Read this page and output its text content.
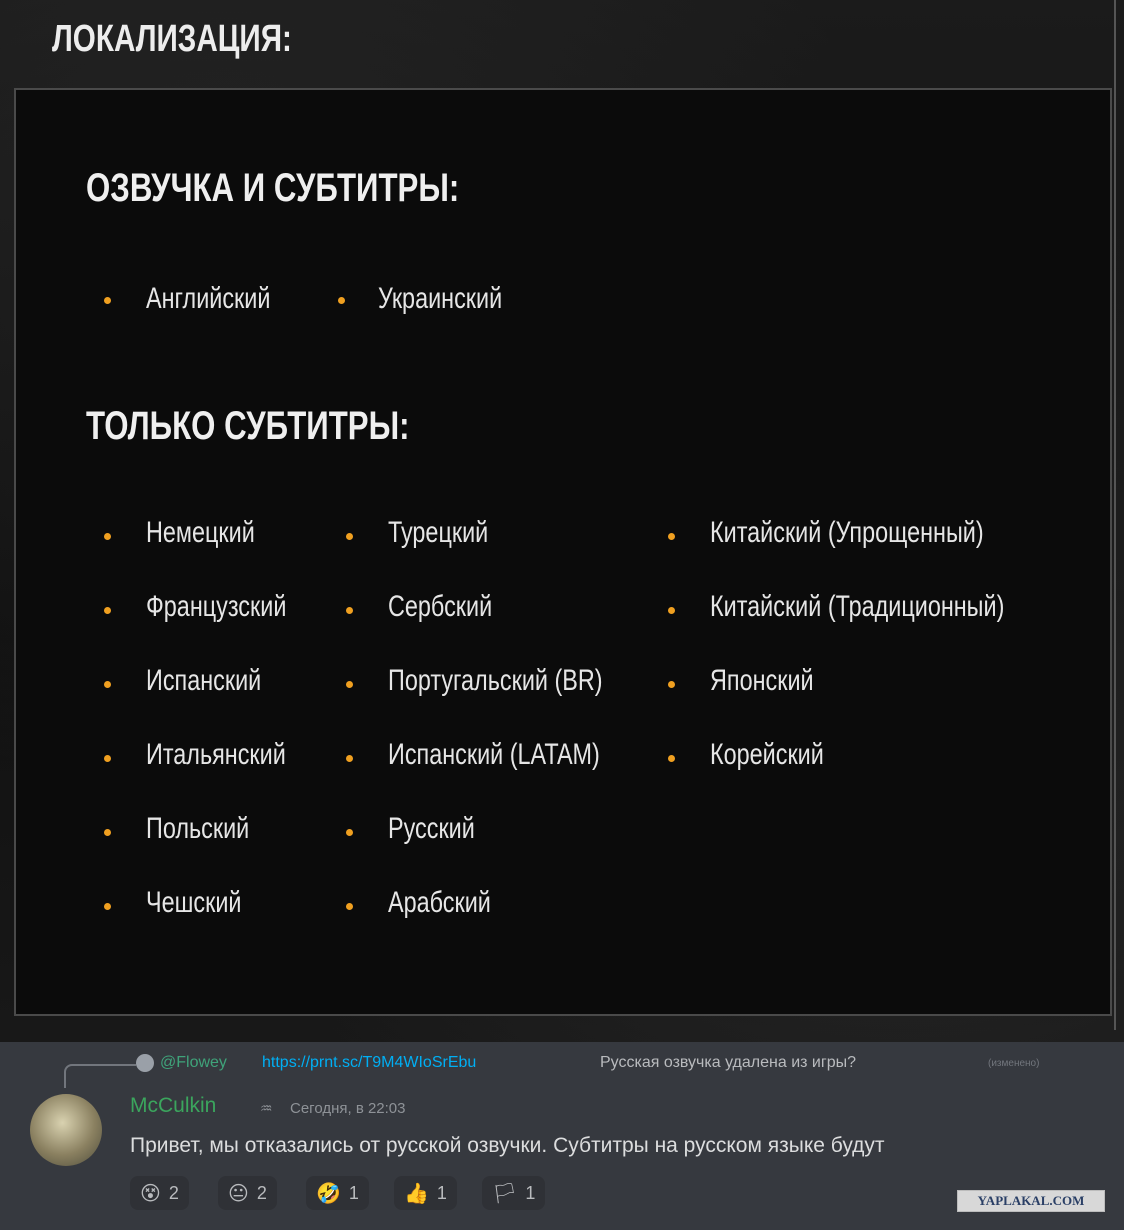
ЛОКАЛИЗАЦИЯ:
ОЗВУЧКА И СУБТИТРЫ:
Английский	Украинский
ТОЛЬКО СУБТИТРЫ:
Немецкий
Французский
Испанский
Итальянский
Польский
Чешский
Турецкий
Сербский
Португальский (BR)
Испанский (LATAM)
Русский
Арабский
Китайский (Упрощенный)
Китайский (Традиционный)
Японский
Корейский
@Flowey https://prnt.sc/T9M4WIoSrEbu	Русская озвучка удалена из игры?	(изменено)
McCulkin	♒ Сегодня, в 22:03
Привет, мы отказались от русской озвучки. Субтитры на русском языке будут
😵 2 😐 2 🤣 1 👍 1 🏳 1	YAPLAKAL.COM
